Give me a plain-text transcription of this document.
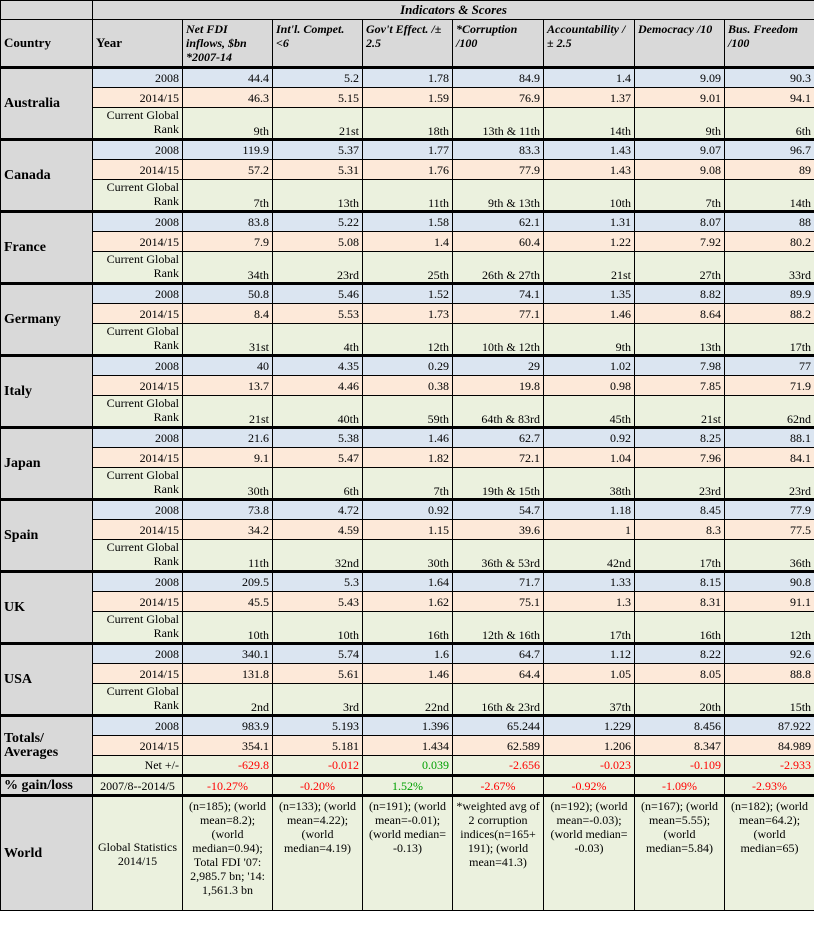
	Indicators & Scores							
Country	Year	Net FDI inflows, $bn *2007-14	Int'l. Compet. <6	Gov't Effect. /± 2.5	*Corruption /100	Accountability /± 2.5	Democracy /10	Bus. Freedom /100
Australia	2008	44.4	5.2	1.78	84.9	1.4	9.09	90.3
	2014/15	46.3	5.15	1.59	76.9	1.37	9.01	94.1
	Current Global Rank	9th	21st	18th	13th & 11th	14th	9th	6th
Canada	2008	119.9	5.37	1.77	83.3	1.43	9.07	96.7
	2014/15	57.2	5.31	1.76	77.9	1.43	9.08	89
	Current Global Rank	7th	13th	11th	9th & 13th	10th	7th	14th
France	2008	83.8	5.22	1.58	62.1	1.31	8.07	88
	2014/15	7.9	5.08	1.4	60.4	1.22	7.92	80.2
	Current Global Rank	34th	23rd	25th	26th & 27th	21st	27th	33rd
Germany	2008	50.8	5.46	1.52	74.1	1.35	8.82	89.9
	2014/15	8.4	5.53	1.73	77.1	1.46	8.64	88.2
	Current Global Rank	31st	4th	12th	10th & 12th	9th	13th	17th
Italy	2008	40	4.35	0.29	29	1.02	7.98	77
	2014/15	13.7	4.46	0.38	19.8	0.98	7.85	71.9
	Current Global Rank	21st	40th	59th	64th & 83rd	45th	21st	62nd
Japan	2008	21.6	5.38	1.46	62.7	0.92	8.25	88.1
	2014/15	9.1	5.47	1.82	72.1	1.04	7.96	84.1
	Current Global Rank	30th	6th	7th	19th & 15th	38th	23rd	23rd
Spain	2008	73.8	4.72	0.92	54.7	1.18	8.45	77.9
	2014/15	34.2	4.59	1.15	39.6	1	8.3	77.5
	Current Global Rank	11th	32nd	30th	36th & 53rd	42nd	17th	36th
UK	2008	209.5	5.3	1.64	71.7	1.33	8.15	90.8
	2014/15	45.5	5.43	1.62	75.1	1.3	8.31	91.1
	Current Global Rank	10th	10th	16th	12th & 16th	17th	16th	12th
USA	2008	340.1	5.74	1.6	64.7	1.12	8.22	92.6
	2014/15	131.8	5.61	1.46	64.4	1.05	8.05	88.8
	Current Global Rank	2nd	3rd	22nd	16th & 23rd	37th	20th	15th
Totals/ Averages	2008	983.9	5.193	1.396	65.244	1.229	8.456	87.922
	2014/15	354.1	5.181	1.434	62.589	1.206	8.347	84.989
	Net +/-	-629.8	-0.012	0.039	-2.656	-0.023	-0.109	-2.933
% gain/loss	2007/8--2014/5	-10.27%	-0.20%	1.52%	-2.67%	-0.92%	-1.09%	-2.93%
World	Global Statistics 2014/15	(n=185); (world mean=8.2); (world median=0.94); Total FDI '07: 2,985.7 bn; '14: 1,561.3 bn	(n=133); (world mean=4.22); (world median=4.19)	(n=191); (world mean=-0.01); (world median= -0.13)	*weighted avg of 2 corruption indices(n=165+ 191); (world mean=41.3)	(n=192); (world mean=-0.03); (world median= -0.03)	(n=167); (world mean=5.55); (world median=5.84)	(n=182); (world mean=64.2); (world median=65)
